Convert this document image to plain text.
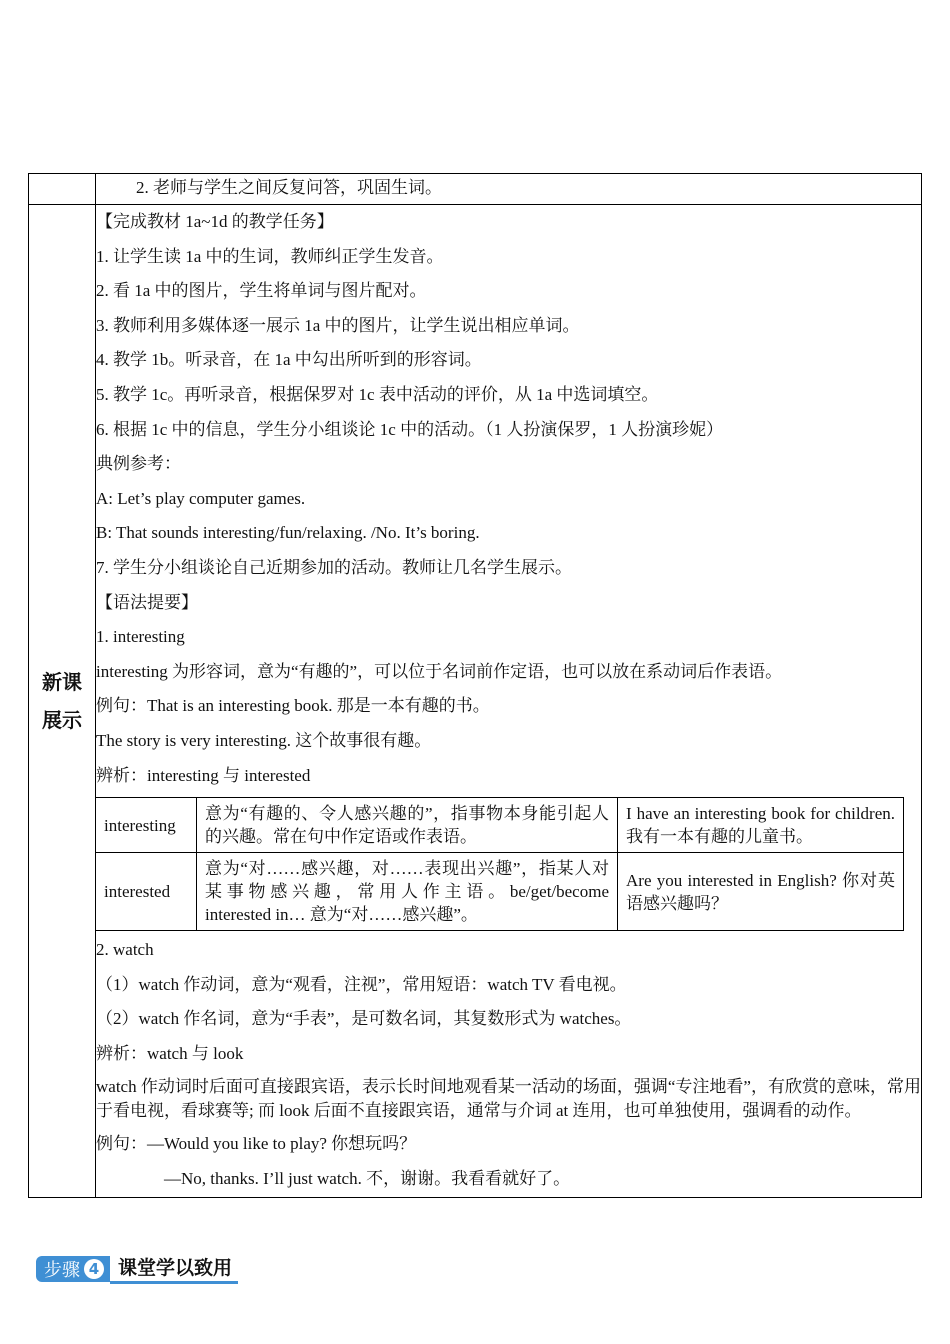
2. 老师与学生之间反复问答，巩固生词。

新课
展示

【完成教材 1a~1d 的教学任务】
1. 让学生读 1a 中的生词，教师纠正学生发音。
2. 看 1a 中的图片，学生将单词与图片配对。
3. 教师利用多媒体逐一展示 1a 中的图片，让学生说出相应单词。
4. 教学 1b。听录音，在 1a 中勾出所听到的形容词。
5. 教学 1c。再听录音，根据保罗对 1c 表中活动的评价，从 1a 中选词填空。
6. 根据 1c 中的信息，学生分小组谈论 1c 中的活动。（1 人扮演保罗，1 人扮演珍妮）
典例参考：
A: Let’s play computer games.
B: That sounds interesting/fun/relaxing. /No. It’s boring.
7. 学生分小组谈论自己近期参加的活动。教师让几名学生展示。
【语法提要】
1. interesting
interesting 为形容词，意为“有趣的”，可以位于名词前作定语，也可以放在系动词后作表语。
例句：That is an interesting book. 那是一本有趣的书。
The story is very interesting. 这个故事很有趣。
辨析：interesting 与 interested
interesting	意为“有趣的、令人感兴趣的”，指事物本身能引起人的兴趣。常在句中作定语或作表语。	I have an interesting book for children. 我有一本有趣的儿童书。
interested	意为“对……感兴趣，对……表现出兴趣”，指某人对某事物感兴趣，常用人作主语。be/get/become interested in… 意为“对……感兴趣”。	Are you interested in English? 你对英语感兴趣吗？
2. watch
（1）watch 作动词，意为“观看，注视”，常用短语：watch TV 看电视。
（2）watch 作名词，意为“手表”，是可数名词，其复数形式为 watches。
辨析：watch 与 look
watch 作动词时后面可直接跟宾语，表示长时间地观看某一活动的场面，强调“专注地看”，有欣赏的意味，常用于看电视，看球赛等; 而 look 后面不直接跟宾语，通常与介词 at 连用，也可单独使用，强调看的动作。
例句：—Would you like to play? 你想玩吗？
—No, thanks. I’ll just watch. 不，谢谢。我看看就好了。
步骤 4 课堂学以致用
